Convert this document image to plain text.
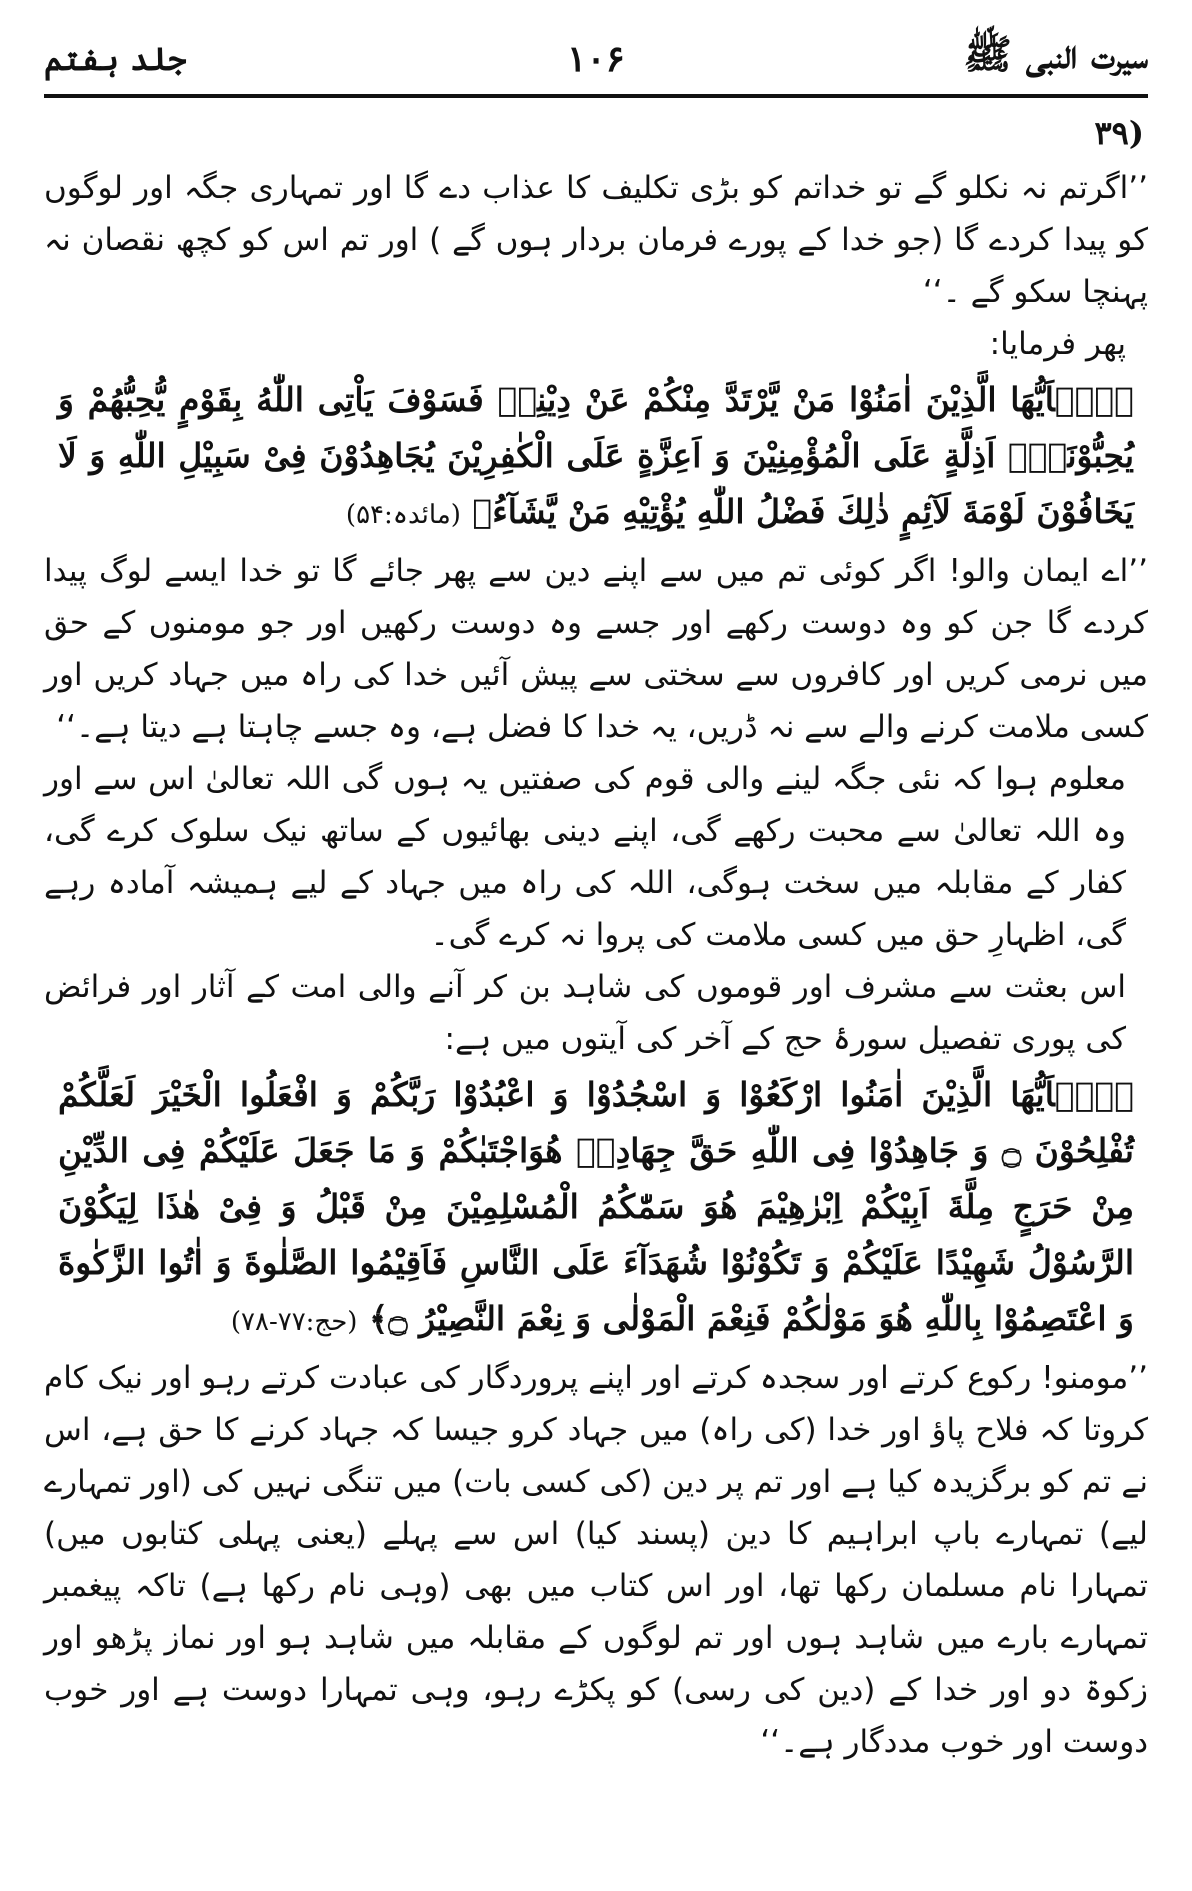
سیرت النبی ﷺ
۱۰۶
جلد ہفتم
(۳۹

’’اگرتم نہ نکلو گے تو خداتم کو بڑی تکلیف کا عذاب دے گا اور تمہاری جگہ اور لوگوں کو پیدا کردے گا (جو خدا کے پورے فرمان بردار ہوں گے ) اور تم اس کو کچھ نقصان نہ پہنچا سکو گے ۔‘‘

پھر فرمایا:

﴿يٰۤاَيُّهَا الَّذِيْنَ اٰمَنُوْا مَنْ يَّرْتَدَّ مِنْكُمْ عَنْ دِيْنِهٖ فَسَوْفَ يَاْتِى اللّٰهُ بِقَوْمٍ يُّحِبُّهُمْ وَ يُحِبُّوْنَهٗۤ اَذِلَّةٍ عَلَى الْمُؤْمِنِيْنَ وَ اَعِزَّةٍ عَلَى الْكٰفِرِيْنَ يُجَاهِدُوْنَ فِىْ سَبِيْلِ اللّٰهِ وَ لَا يَخَافُوْنَ لَوْمَةَ لَآئِمٍ ذٰلِكَ فَضْلُ اللّٰهِ يُؤْتِيْهِ مَنْ يَّشَآءُ﴾ (مائدہ:۵۴)

’’اے ایمان والو! اگر کوئی تم میں سے اپنے دین سے پھر جائے گا تو خدا ایسے لوگ پیدا کردے گا جن کو وہ دوست رکھے اور جسے وہ دوست رکھیں اور جو مومنوں کے حق میں نرمی کریں اور کافروں سے سختی سے پیش آئیں خدا کی راہ میں جہاد کریں اور کسی ملامت کرنے والے سے نہ ڈریں، یہ خدا کا فضل ہے، وہ جسے چاہتا ہے دیتا ہے۔‘‘

معلوم ہوا کہ نئی جگہ لینے والی قوم کی صفتیں یہ ہوں گی اللہ تعالیٰ اس سے اور وہ اللہ تعالیٰ سے محبت رکھے گی، اپنے دینی بھائیوں کے ساتھ نیک سلوک کرے گی، کفار کے مقابلہ میں سخت ہوگی، اللہ کی راہ میں جہاد کے لیے ہمیشہ آمادہ رہے گی، اظہارِ حق میں کسی ملامت کی پروا نہ کرے گی۔

اس بعثت سے مشرف اور قوموں کی شاہد بن کر آنے والی امت کے آثار اور فرائض کی پوری تفصیل سورۂ حج کے آخر کی آیتوں میں ہے:

﴿يٰۤاَيُّهَا الَّذِيْنَ اٰمَنُوا ارْكَعُوْا وَ اسْجُدُوْا وَ اعْبُدُوْا رَبَّكُمْ وَ افْعَلُوا الْخَيْرَ لَعَلَّكُمْ تُفْلِحُوْنَ ۝ وَ جَاهِدُوْا فِى اللّٰهِ حَقَّ جِهَادِهٖ هُوَاجْتَبٰكُمْ وَ مَا جَعَلَ عَلَيْكُمْ فِى الدِّيْنِ مِنْ حَرَجٍ مِلَّةَ اَبِيْكُمْ اِبْرٰهِيْمَ هُوَ سَمّٰكُمُ الْمُسْلِمِيْنَ مِنْ قَبْلُ وَ فِىْ هٰذَا لِيَكُوْنَ الرَّسُوْلُ شَهِيْدًا عَلَيْكُمْ وَ تَكُوْنُوْا شُهَدَآءَ عَلَى النَّاسِ فَاَقِيْمُوا الصَّلٰوةَ وَ اٰتُوا الزَّكٰوةَ وَ اعْتَصِمُوْا بِاللّٰهِ هُوَ مَوْلٰكُمْ فَنِعْمَ الْمَوْلٰى وَ نِعْمَ النَّصِيْرُ ۝﴾ (حج:۷۷-۷۸)

’’مومنو! رکوع کرتے اور سجدہ کرتے اور اپنے پروردگار کی عبادت کرتے رہو اور نیک کام کروتا کہ فلاح پاؤ اور خدا (کی راہ) میں جہاد کرو جیسا کہ جہاد کرنے کا حق ہے، اس نے تم کو برگزیدہ کیا ہے اور تم پر دین (کی کسی بات) میں تنگی نہیں کی (اور تمہارے لیے) تمہارے باپ ابراہیم کا دین (پسند کیا) اس سے پہلے (یعنی پہلی کتابوں میں) تمہارا نام مسلمان رکھا تھا، اور اس کتاب میں بھی (وہی نام رکھا ہے) تاکہ پیغمبر تمہارے بارے میں شاہد ہوں اور تم لوگوں کے مقابلہ میں شاہد ہو اور نماز پڑھو اور زکوۃ دو اور خدا کے (دین کی رسی) کو پکڑے رہو، وہی تمہارا دوست ہے اور خوب دوست اور خوب مددگار ہے۔‘‘
